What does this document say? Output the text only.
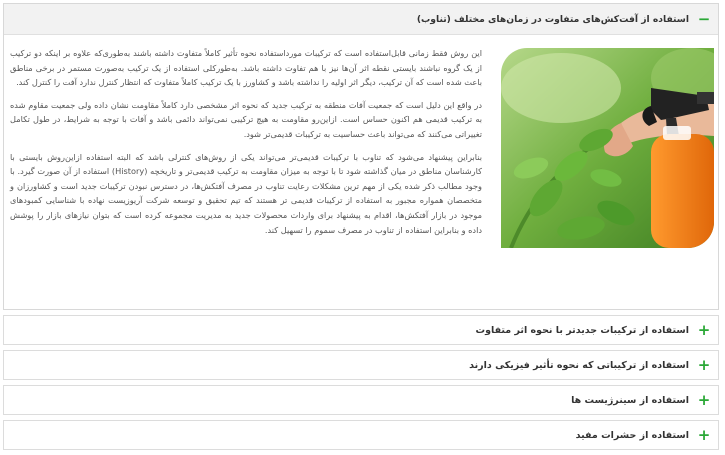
−
استفاده از آفت‌کش‌های متفاوت در زمان‌های مختلف (تناوب)

این روش فقط زمانی قابل‌استفاده است که ترکیبات مورداستفاده نحوه تأثیر کاملاً متفاوت داشته باشند به‌طوری‌که علاوه بر اینکه دو ترکیب از یک گروه نباشند بایستی نقطه اثر آن‌ها نیز با هم تفاوت داشته باشد. به‌طورکلی استفاده از یک ترکیب به‌صورت مستمر در برخی مناطق باعث شده است که آن ترکیب، دیگر اثر اولیه را نداشته باشد و کشاورز با یک ترکیب کاملاً متفاوت که انتظار کنترل ندارد آفت را کنترل کند.

در واقع این دلیل است که جمعیت آفات منطقه به ترکیب جدید که نحوه اثر مشخصی دارد کاملاً مقاومت نشان داده ولی جمعیت مقاوم شده به ترکیب قدیمی هم اکنون حساس است. ازاین‌رو مقاومت به هیچ ترکیبی نمی‌تواند دائمی باشد و آفات با توجه به شرایط، در طول تکامل تغییراتی می‌کنند که می‌تواند باعث حساسیت به ترکیبات قدیمی‌تر شود.

بنابراین پیشنهاد می‌شود که تناوب با ترکیبات قدیمی‌تر می‌تواند یکی از روش‌های کنترلی باشد که البته استفاده ازاین‌روش بایستی با کارشناسان مناطق در میان گذاشته شود تا با توجه به میزان مقاومت به ترکیب قدیمی‌تر و تاریخچه (History) استفاده از آن صورت گیرد. با وجود مطالب ذکر شده یکی از مهم ترین مشکلات رعایت تناوب در مصرف آفتکش‌ها، در دسترس نبودن ترکیبات جدید است و کشاورزان و متخصصان همواره مجبور به استفاده از ترکیبات قدیمی تر هستند که تیم تحقیق و توسعه شرکت آریوزیست نهاده با شناسایی کمبودهای موجود در بازار آفتکش‌ها، اقدام به پیشنهاد برای واردات محصولات جدید به مدیریت مجموعه کرده است که بتوان نیازهای بازار را پوشش داده و بنابراین استفاده از تناوب در مصرف سموم را تسهیل کند.

+
استفاده از ترکیبات جدیدتر با نحوه اثر متفاوت
+
استفاده از ترکیباتی که نحوه تأثیر فیزیکی دارند
+
استفاده از سینرژیست ها
+
استفاده از حشرات مفید
